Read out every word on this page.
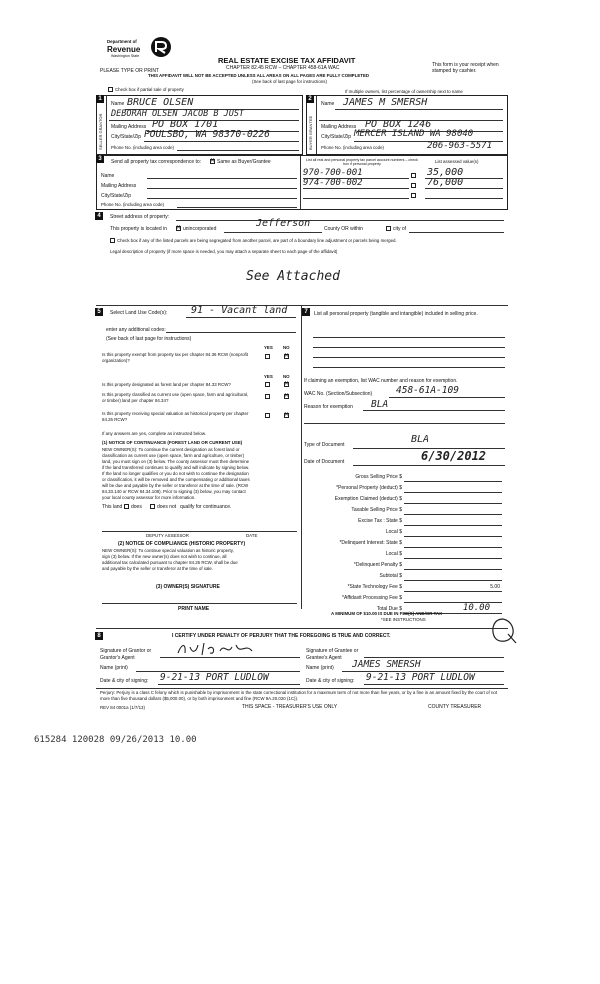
Department of
Revenue
Washington State	REAL ESTATE EXCISE TAX AFFIDAVIT
CHAPTER 82.45 RCW – CHAPTER 458-61A WAC
PLEASE TYPE OR PRINT
THIS AFFIDAVIT WILL NOT BE ACCEPTED UNLESS ALL AREAS ON ALL PAGES ARE FULLY COMPLETED
(See back of last page for instructions)
This form is your receipt when stamped by cashier.
Check box if partial sale of property	If multiple owners, list percentage of ownership next to name
1
SELLER GRANTOR
Name BRUCE OLSEN
DEBORAH OLSEN JACOB B JUST
Mailing Address PO BOX 1701
City/State/Zip POULSBO, WA 98370-0226
Phone No. (including area code)
2
BUYER GRANTEE
Name JAMES M SMERSH
Mailing Address PO BOX 1246
City/State/Zip MERCER ISLAND WA 98040
Phone No. (including area code)	206-963-5571
3	Send all property tax correspondence to: ✕	Same as Buyer/Grantee
Name
Mailing Address
City/State/Zip
Phone No. (including area code)
List all real and personal property tax parcel account numbers – check box if personal property
List assessed value(s)
970-700-001	35,000
974-700-002	76,000
4	Street address of property:
This property is located in ✕	unincorporated	Jefferson	County OR within	city of
Check box if any of the listed parcels are being segregated from another parcel, are part of a boundary line adjustment or parcels being merged.
Legal description of property (if more space is needed, you may attach a separate sheet to each page of the affidavit)
See Attached
5	Select Land Use Code(s): 91 - Vacant land
enter any additional codes:
(See back of last page for instructions)
YES NO
Is this property exempt from property tax per chapter 84.36 RCW (nonprofit organization)?
✕
YES NO
Is this property designated as forest land per chapter 84.33 RCW?
✕
Is this property classified as current use (open space, farm and agricultural, or timber) land per chapter 84.34?
✕
Is this property receiving special valuation as historical property per chapter 84.26 RCW?
✕
If any answers are yes, complete as instructed below.
(1) NOTICE OF CONTINUANCE (FOREST LAND OR CURRENT USE)
NEW OWNER(S): To continue the current designation as forest land or
classification as current use (open space, farm and agriculture, or timber)
land, you must sign on (3) below. The county assessor must then determine
if the land transferred continues to qualify and will indicate by signing below.
If the land no longer qualifies or you do not wish to continue the designation
or classification, it will be removed and the compensating or additional taxes
will be due and payable by the seller or transferor at the time of sale. (RCW
84.33.140 or RCW 84.34.108). Prior to signing (3) below, you may contact
your local county assessor for more information.
This land does	does not qualify for continuance.
DEPUTY ASSESSOR	DATE
(2) NOTICE OF COMPLIANCE (HISTORIC PROPERTY)
NEW OWNER(S): To continue special valuation as historic property,
sign (3) below. If the new owner(s) does not wish to continue, all
additional tax calculated pursuant to chapter 84.26 RCW, shall be due
and payable by the seller or transferor at the time of sale.
(3) OWNER(S) SIGNATURE
PRINT NAME
7	List all personal property (tangible and intangible) included in selling price.
If claiming an exemption, list WAC number and reason for exemption.
WAC No. (Section/Subsection)	458-61A-109
Reason for exemption BLA
Type of Document	BLA
Date of Document	6/30/2012
Gross Selling Price $
*Personal Property (deduct) $
Exemption Claimed (deduct) $
Taxable Selling Price $
Excise Tax : State $
Local $
*Delinquent Interest: State $
Local $
*Delinquent Penalty $
Subtotal $
*State Technology Fee $	5.00
*Affidavit Processing Fee $
Total Due $	10.00
A MINIMUM OF $10.00 IS DUE IN FEE(S) AND/OR TAX
*SEE INSTRUCTIONS
8	I CERTIFY UNDER PENALTY OF PERJURY THAT THE FOREGOING IS TRUE AND CORRECT.
Signature of Grantor or Grantor's Agent
Name (print)
Date & city of signing: 9-21-13 PORT LUDLOW
Signature of Grantee or Grantee's Agent
Name (print) JAMES SMERSH
Date & city of signing: 9-21-13 PORT LUDLOW
Perjury: Perjury is a class C felony which is punishable by imprisonment in the state correctional institution for a maximum term of not more than five years, or by a fine in an amount fixed by the court of not more than five thousand dollars ($5,000.00), or by both imprisonment and fine (RCW 9A.20.020 (1C)).
REV 84 0001a (1/7/13)	THIS SPACE - TREASURER'S USE ONLY	COUNTY TREASURER
615284 120028 09/26/2013 10.00
